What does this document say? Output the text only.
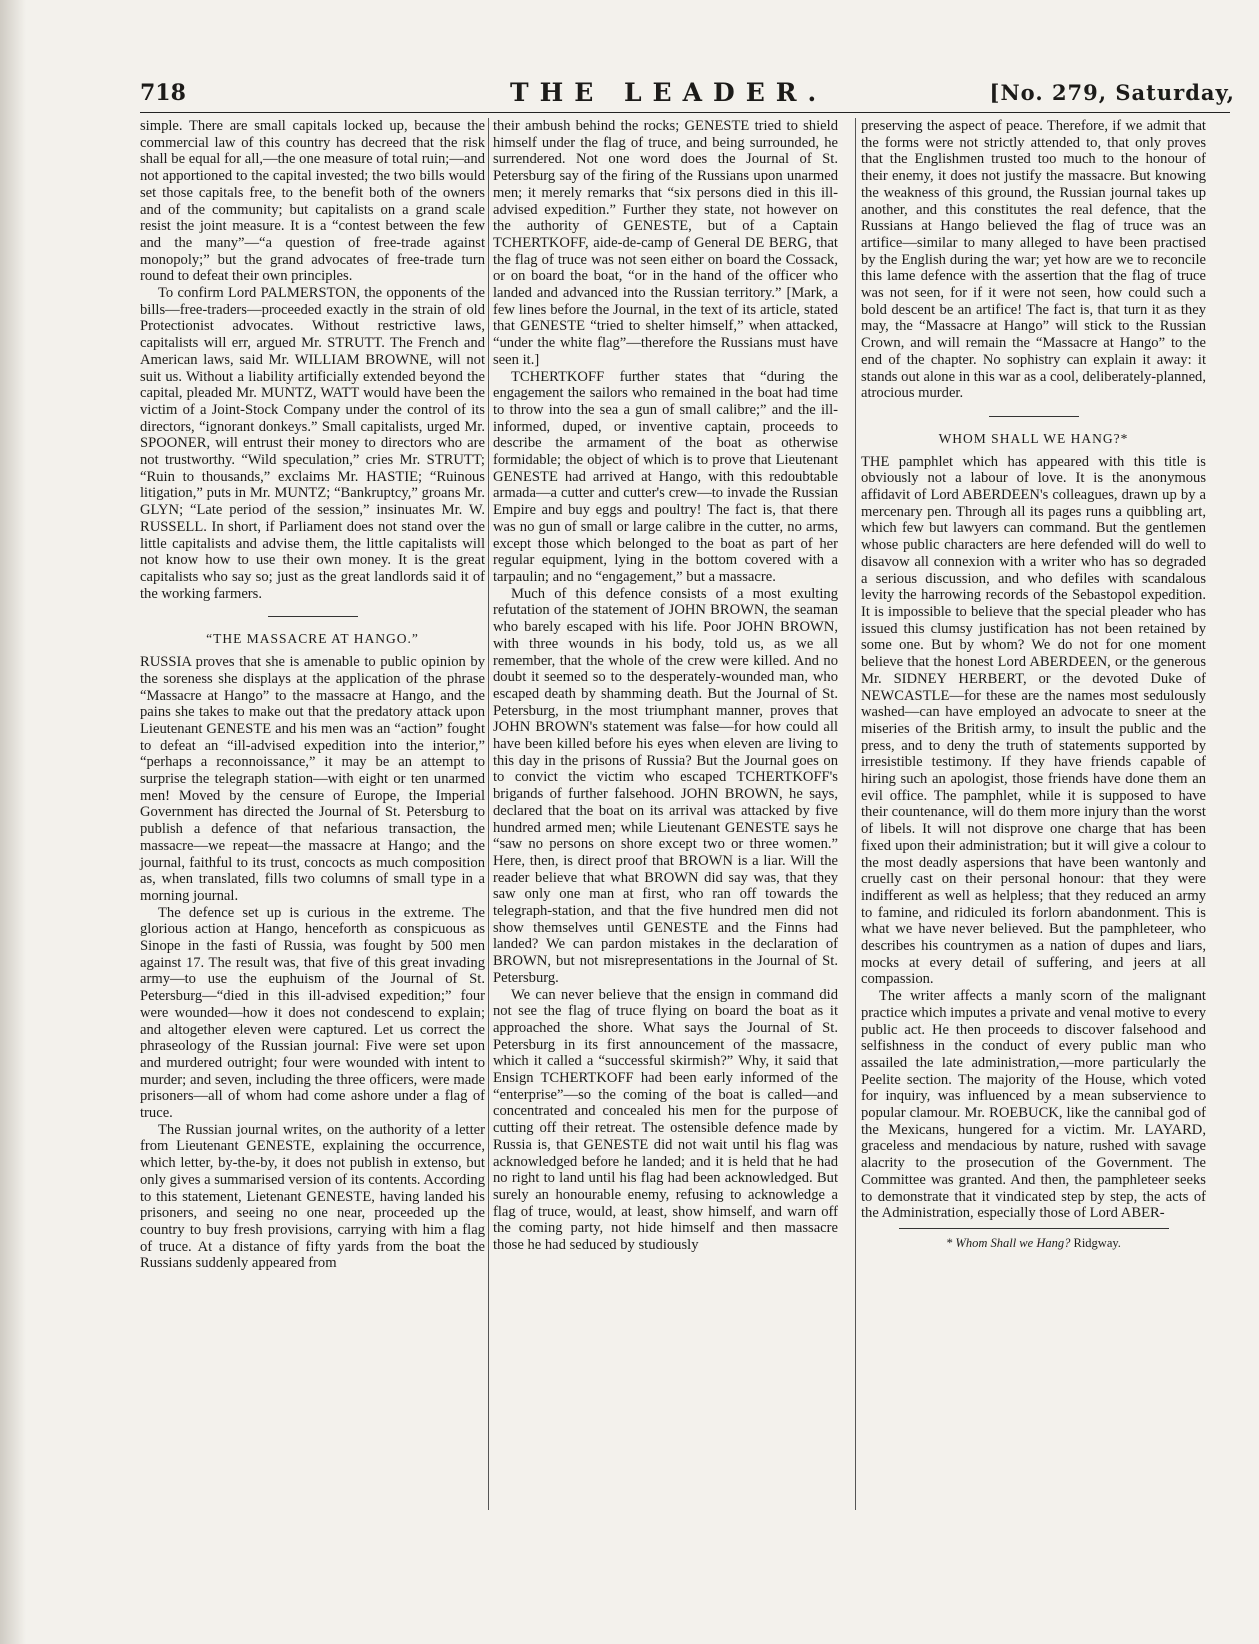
718	THE LEADER.	[No. 279, Saturday,

simple. There are small capitals locked up, because the commercial law of this country has decreed that the risk shall be equal for all,—the one measure of total ruin;—and not apportioned to the capital invested; the two bills would set those capitals free, to the benefit both of the owners and of the community; but capitalists on a grand scale resist the joint measure. It is a “contest between the few and the many”—“a question of free-trade against monopoly;” but the grand advocates of free-trade turn round to defeat their own principles.

To confirm Lord PALMERSTON, the opponents of the bills—free-traders—proceeded exactly in the strain of old Protectionist advocates. Without restrictive laws, capitalists will err, argued Mr. STRUTT. The French and American laws, said Mr. WILLIAM BROWNE, will not suit us. Without a liability artificially extended beyond the capital, pleaded Mr. MUNTZ, WATT would have been the victim of a Joint-Stock Company under the control of its directors, “ignorant donkeys.” Small capitalists, urged Mr. SPOONER, will entrust their money to directors who are not trustworthy. “Wild speculation,” cries Mr. STRUTT; “Ruin to thousands,” exclaims Mr. HASTIE; “Ruinous litigation,” puts in Mr. MUNTZ; “Bankruptcy,” groans Mr. GLYN; “Late period of the session,” insinuates Mr. W. RUSSELL. In short, if Parliament does not stand over the little capitalists and advise them, the little capitalists will not know how to use their own money. It is the great capitalists who say so; just as the great landlords said it of the working farmers.

“THE MASSACRE AT HANGO.”

RUSSIA proves that she is amenable to public opinion by the soreness she displays at the application of the phrase “Massacre at Hango” to the massacre at Hango, and the pains she takes to make out that the predatory attack upon Lieutenant GENESTE and his men was an “action” fought to defeat an “ill-advised expedition into the interior,” “perhaps a reconnoissance,” it may be an attempt to surprise the telegraph station—with eight or ten unarmed men! Moved by the censure of Europe, the Imperial Government has directed the Journal of St. Petersburg to publish a defence of that nefarious transaction, the massacre—we repeat—the massacre at Hango; and the journal, faithful to its trust, concocts as much composition as, when translated, fills two columns of small type in a morning journal.

The defence set up is curious in the extreme. The glorious action at Hango, henceforth as conspicuous as Sinope in the fasti of Russia, was fought by 500 men against 17. The result was, that five of this great invading army—to use the euphuism of the Journal of St. Petersburg—“died in this ill-advised expedition;” four were wounded—how it does not condescend to explain; and altogether eleven were captured. Let us correct the phraseology of the Russian journal: Five were set upon and murdered outright; four were wounded with intent to murder; and seven, including the three officers, were made prisoners—all of whom had come ashore under a flag of truce.

The Russian journal writes, on the authority of a letter from Lieutenant GENESTE, explaining the occurrence, which letter, by-the-by, it does not publish in extenso, but only gives a summarised version of its contents. According to this statement, Lietenant GENESTE, having landed his prisoners, and seeing no one near, proceeded up the country to buy fresh provisions, carrying with him a flag of truce. At a distance of fifty yards from the boat the Russians suddenly appeared from

their ambush behind the rocks; GENESTE tried to shield himself under the flag of truce, and being surrounded, he surrendered. Not one word does the Journal of St. Petersburg say of the firing of the Russians upon unarmed men; it merely remarks that “six persons died in this ill-advised expedition.” Further they state, not however on the authority of GENESTE, but of a Captain TCHERTKOFF, aide-de-camp of General DE BERG, that the flag of truce was not seen either on board the Cossack, or on board the boat, “or in the hand of the officer who landed and advanced into the Russian territory.” [Mark, a few lines before the Journal, in the text of its article, stated that GENESTE “tried to shelter himself,” when attacked, “under the white flag”—therefore the Russians must have seen it.]

TCHERTKOFF further states that “during the engagement the sailors who remained in the boat had time to throw into the sea a gun of small calibre;” and the ill-informed, duped, or inventive captain, proceeds to describe the armament of the boat as otherwise formidable; the object of which is to prove that Lieutenant GENESTE had arrived at Hango, with this redoubtable armada—a cutter and cutter's crew—to invade the Russian Empire and buy eggs and poultry! The fact is, that there was no gun of small or large calibre in the cutter, no arms, except those which belonged to the boat as part of her regular equipment, lying in the bottom covered with a tarpaulin; and no “engagement,” but a massacre.

Much of this defence consists of a most exulting refutation of the statement of JOHN BROWN, the seaman who barely escaped with his life. Poor JOHN BROWN, with three wounds in his body, told us, as we all remember, that the whole of the crew were killed. And no doubt it seemed so to the desperately-wounded man, who escaped death by shamming death. But the Journal of St. Petersburg, in the most triumphant manner, proves that JOHN BROWN's statement was false—for how could all have been killed before his eyes when eleven are living to this day in the prisons of Russia? But the Journal goes on to convict the victim who escaped TCHERTKOFF's brigands of further falsehood. JOHN BROWN, he says, declared that the boat on its arrival was attacked by five hundred armed men; while Lieutenant GENESTE says he “saw no persons on shore except two or three women.” Here, then, is direct proof that BROWN is a liar. Will the reader believe that what BROWN did say was, that they saw only one man at first, who ran off towards the telegraph-station, and that the five hundred men did not show themselves until GENESTE and the Finns had landed? We can pardon mistakes in the declaration of BROWN, but not misrepresentations in the Journal of St. Petersburg.

We can never believe that the ensign in command did not see the flag of truce flying on board the boat as it approached the shore. What says the Journal of St. Petersburg in its first announcement of the massacre, which it called a “successful skirmish?” Why, it said that Ensign TCHERTKOFF had been early informed of the “enterprise”—so the coming of the boat is called—and concentrated and concealed his men for the purpose of cutting off their retreat. The ostensible defence made by Russia is, that GENESTE did not wait until his flag was acknowledged before he landed; and it is held that he had no right to land until his flag had been acknowledged. But surely an honourable enemy, refusing to acknowledge a flag of truce, would, at least, show himself, and warn off the coming party, not hide himself and then massacre those he had seduced by studiously

preserving the aspect of peace. Therefore, if we admit that the forms were not strictly attended to, that only proves that the Englishmen trusted too much to the honour of their enemy, it does not justify the massacre. But knowing the weakness of this ground, the Russian journal takes up another, and this constitutes the real defence, that the Russians at Hango believed the flag of truce was an artifice—similar to many alleged to have been practised by the English during the war; yet how are we to reconcile this lame defence with the assertion that the flag of truce was not seen, for if it were not seen, how could such a bold descent be an artifice! The fact is, that turn it as they may, the “Massacre at Hango” will stick to the Russian Crown, and will remain the “Massacre at Hango” to the end of the chapter. No sophistry can explain it away: it stands out alone in this war as a cool, deliberately-planned, atrocious murder.

WHOM SHALL WE HANG?*

THE pamphlet which has appeared with this title is obviously not a labour of love. It is the anonymous affidavit of Lord ABERDEEN's colleagues, drawn up by a mercenary pen. Through all its pages runs a quibbling art, which few but lawyers can command. But the gentlemen whose public characters are here defended will do well to disavow all connexion with a writer who has so degraded a serious discussion, and who defiles with scandalous levity the harrowing records of the Sebastopol expedition. It is impossible to believe that the special pleader who has issued this clumsy justification has not been retained by some one. But by whom? We do not for one moment believe that the honest Lord ABERDEEN, or the generous Mr. SIDNEY HERBERT, or the devoted Duke of NEWCASTLE—for these are the names most sedulously washed—can have employed an advocate to sneer at the miseries of the British army, to insult the public and the press, and to deny the truth of statements supported by irresistible testimony. If they have friends capable of hiring such an apologist, those friends have done them an evil office. The pamphlet, while it is supposed to have their countenance, will do them more injury than the worst of libels. It will not disprove one charge that has been fixed upon their administration; but it will give a colour to the most deadly aspersions that have been wantonly and cruelly cast on their personal honour: that they were indifferent as well as helpless; that they reduced an army to famine, and ridiculed its forlorn abandonment. This is what we have never believed. But the pamphleteer, who describes his countrymen as a nation of dupes and liars, mocks at every detail of suffering, and jeers at all compassion.

The writer affects a manly scorn of the malignant practice which imputes a private and venal motive to every public act. He then proceeds to discover falsehood and selfishness in the conduct of every public man who assailed the late administration,—more particularly the Peelite section. The majority of the House, which voted for inquiry, was influenced by a mean subservience to popular clamour. Mr. ROEBUCK, like the cannibal god of the Mexicans, hungered for a victim. Mr. LAYARD, graceless and mendacious by nature, rushed with savage alacrity to the prosecution of the Government. The Committee was granted. And then, the pamphleteer seeks to demonstrate that it vindicated step by step, the acts of the Administration, especially those of Lord ABER-

* Whom Shall we Hang? Ridgway.
